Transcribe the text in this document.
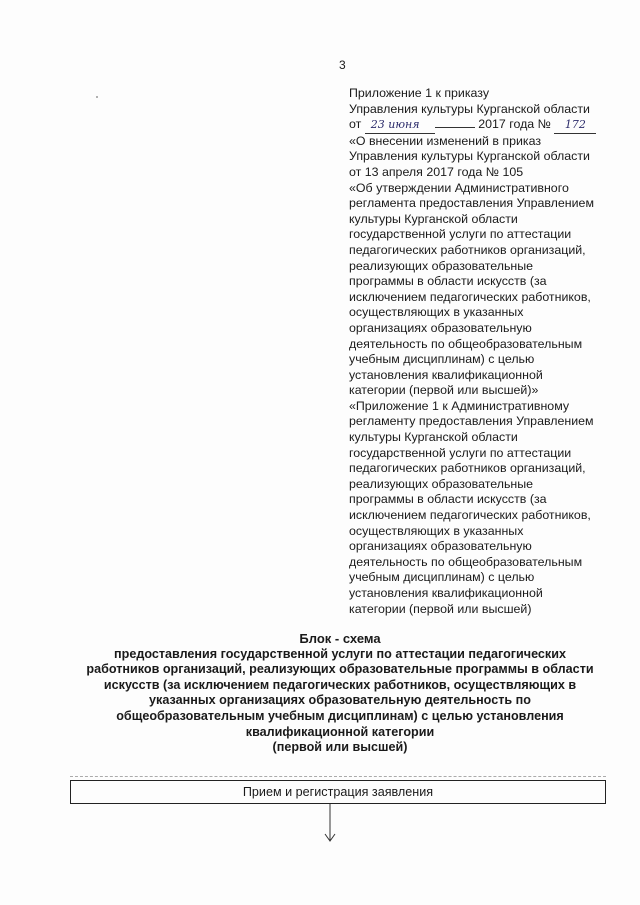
3

Приложение 1 к приказу

Управления культуры Курганской области

от 23 июня	2017 года № 172

«О внесении изменений в приказ
Управления культуры Курганской области
от 13 апреля 2017 года № 105
«Об утверждении Административного
регламента предоставления Управлением
культуры Курганской области
государственной услуги по аттестации
педагогических работников организаций,
реализующих образовательные
программы в области искусств (за
исключением педагогических работников,
осуществляющих в указанных
организациях образовательную
деятельность по общеобразовательным
учебным дисциплинам) с целью
установления квалификационной
категории (первой или высшей)»

«Приложение 1 к Административному
регламенту предоставления Управлением
культуры Курганской области
государственной услуги по аттестации
педагогических работников организаций,
реализующих образовательные
программы в области искусств (за
исключением педагогических работников,
осуществляющих в указанных
организациях образовательную
деятельность по общеобразовательным
учебным дисциплинам) с целью
установления квалификационной
категории (первой или высшей)

Блок - схема
предоставления государственной услуги по аттестации педагогических
работников организаций, реализующих образовательные программы в области
искусств (за исключением педагогических работников, осуществляющих в
указанных организациях образовательную деятельность по
общеобразовательным учебным дисциплинам) с целью установления
квалификационной категории
(первой или высшей)
Прием и регистрация заявления
